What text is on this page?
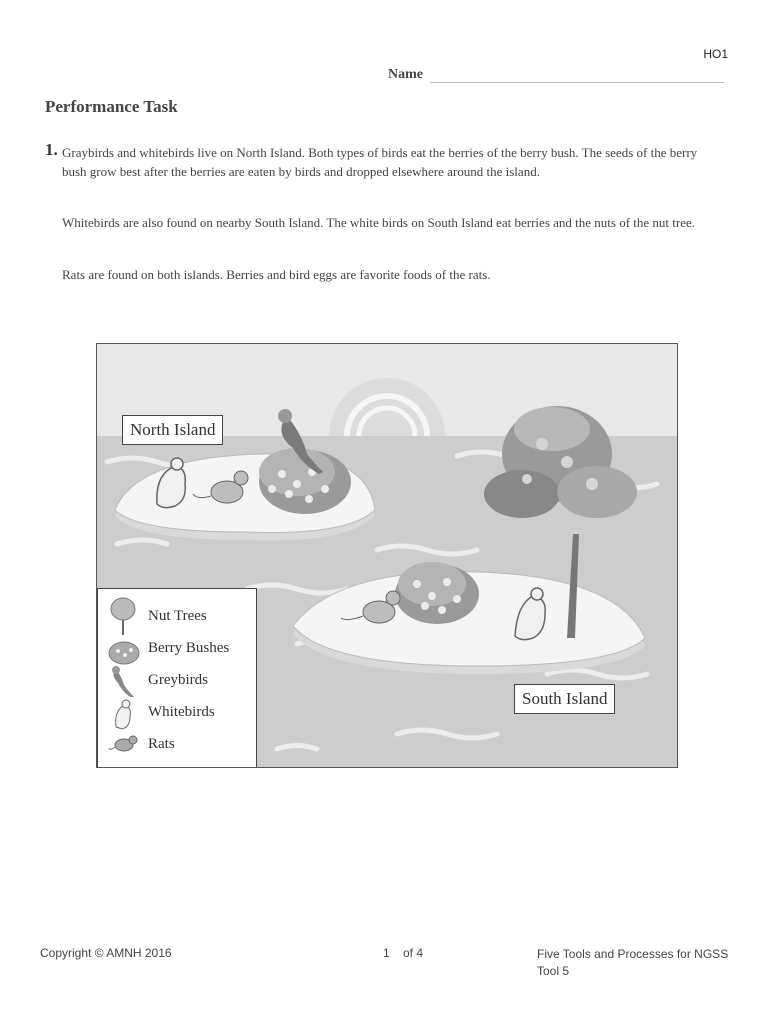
HO1
Name
Performance Task
1. Graybirds and whitebirds live on North Island. Both types of birds eat the berries of the berry bush. The seeds of the berry bush grow best after the berries are eaten by birds and dropped elsewhere around the island.

Whitebirds are also found on nearby South Island. The white birds on South Island eat berries and the nuts of the nut tree.

Rats are found on both islands. Berries and bird eggs are favorite foods of the rats.

North Island
South Island
Nut Trees
Berry Bushes
Greybirds
Whitebirds
Rats
Copyright © AMNH 2016	1    of 4	Five Tools and Processes for NGSS
Tool 5
